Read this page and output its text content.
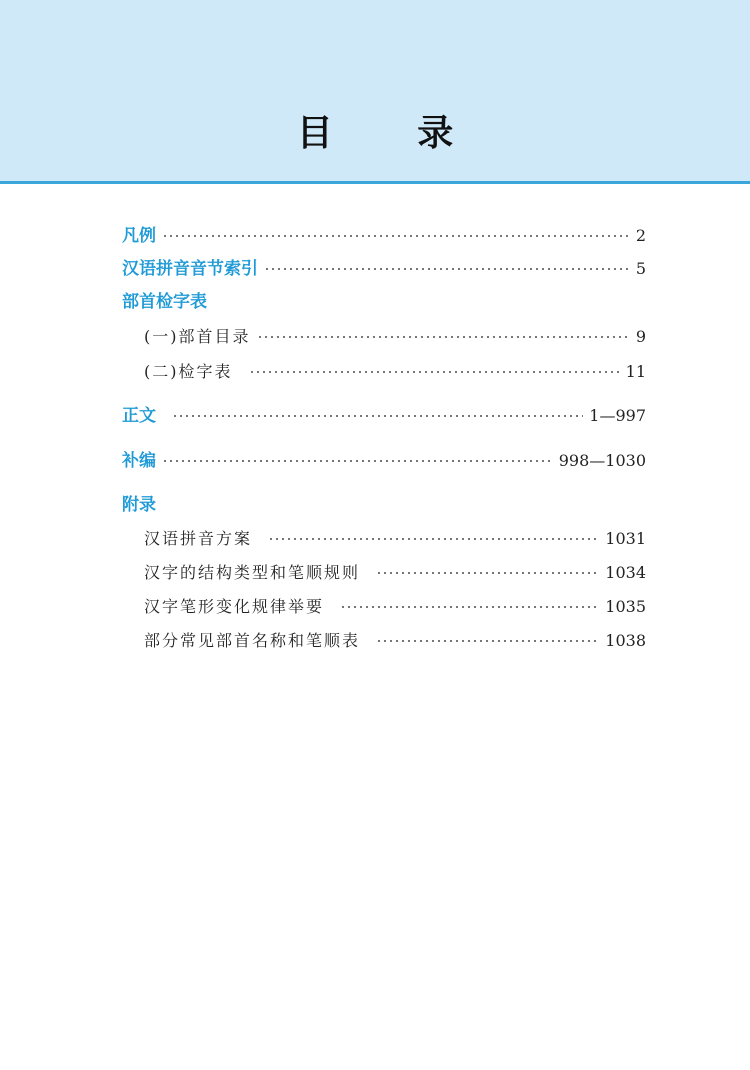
目 录
凡例	2
汉语拼音音节索引	5
部首检字表
(一)部首目录	9
(二)检字表	11
正文	1—997
补编	998—1030
附录
汉语拼音方案	1031
汉字的结构类型和笔顺规则	1034
汉字笔形变化规律举要	1035
部分常见部首名称和笔顺表	1038
